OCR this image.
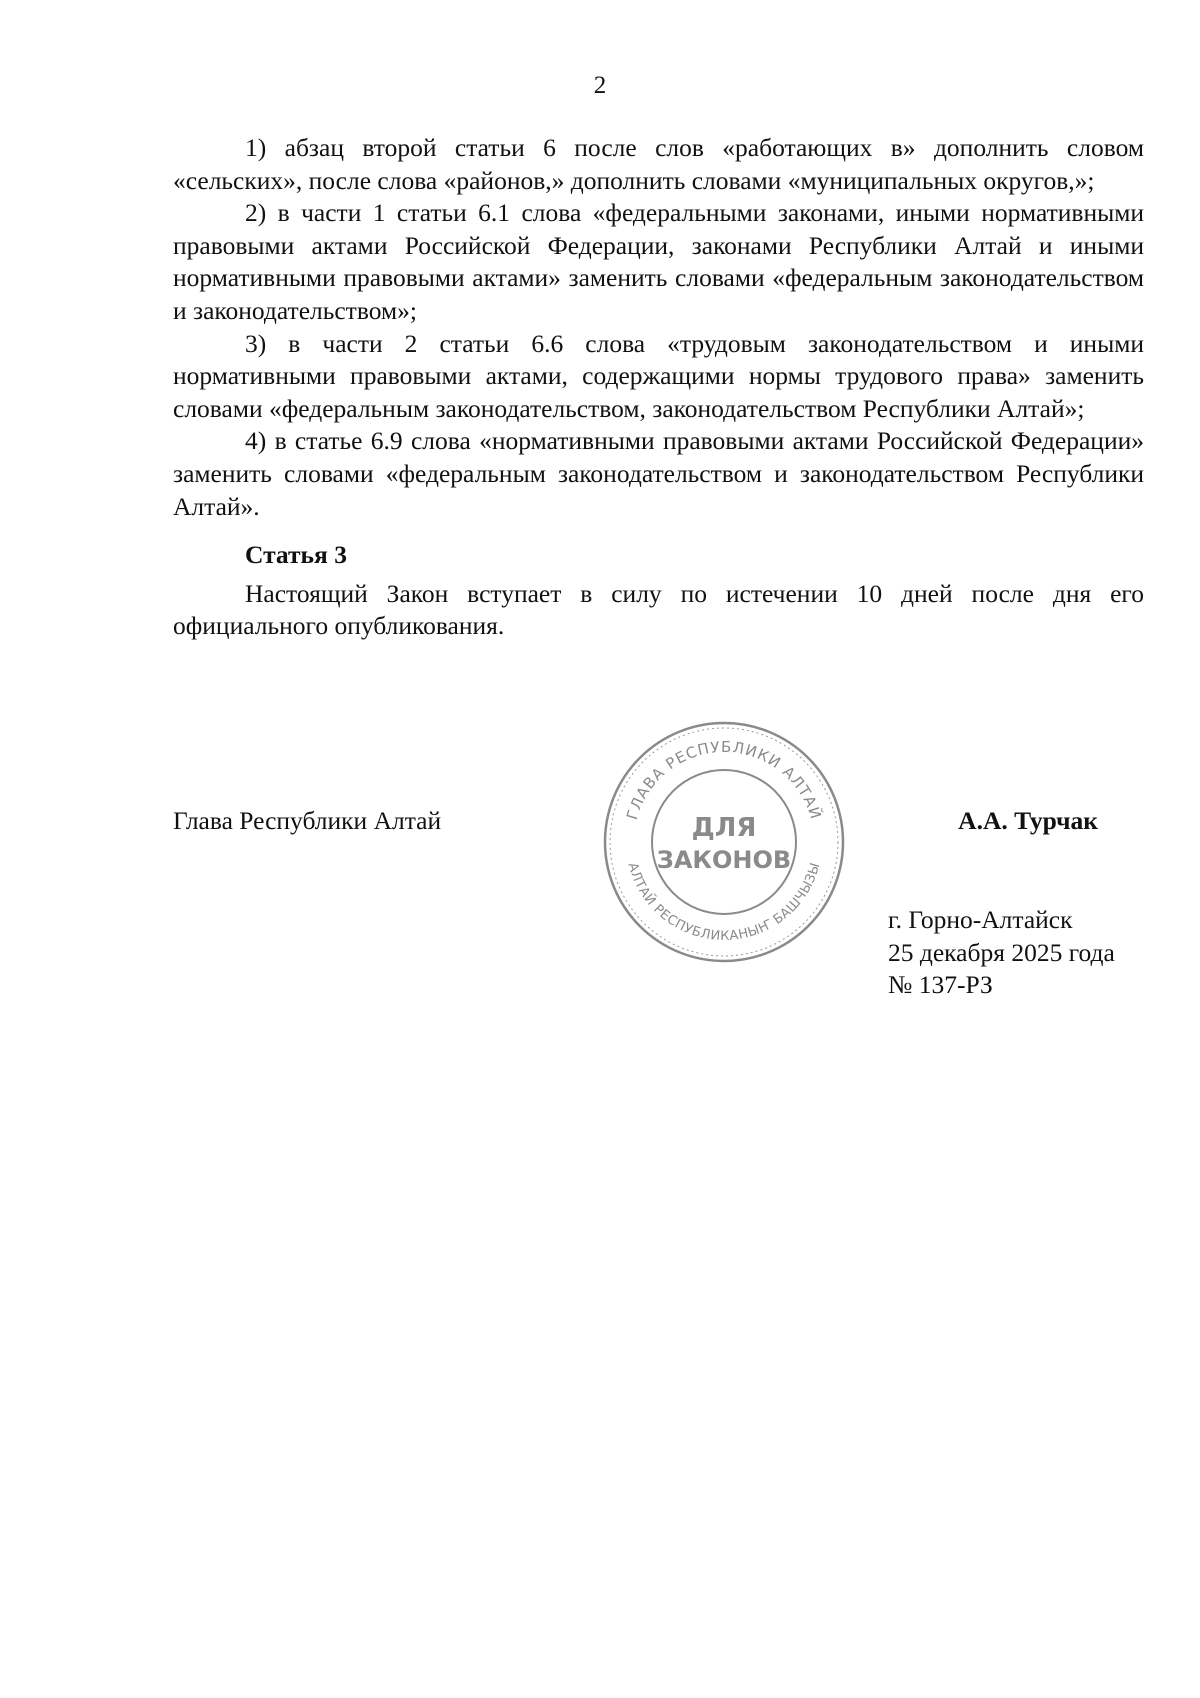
2

1) абзац второй статьи 6 после слов «работающих в» дополнить словом «сельских», после слова «районов,» дополнить словами «муниципальных округов,»;

2) в части 1 статьи 6.1 слова «федеральными законами, иными нормативными правовыми актами Российской Федерации, законами Республики Алтай и иными нормативными правовыми актами» заменить словами «федеральным законодательством и законодательством»;

3) в части 2 статьи 6.6 слова «трудовым законодательством и иными нормативными правовыми актами, содержащими нормы трудового права» заменить словами «федеральным законодательством, законодательством Республики Алтай»;

4) в статье 6.9 слова «нормативными правовыми актами Российской Федерации» заменить словами «федеральным законодательством и законодательством Республики Алтай».

Статья 3

Настоящий Закон вступает в силу по истечении 10 дней после дня его официального опубликования.

Глава Республики Алтай	А.А. Турчак
г. Горно-Алтайск
25 декабря 2025 года
№ 137-РЗ
ГЛАВА РЕСПУБЛИКИ АЛТАЙ
АЛТАЙ РЕСПУБЛИКАНЫҤ БАШЧЫЗЫ
ДЛЯ
ЗАКОНОВ
